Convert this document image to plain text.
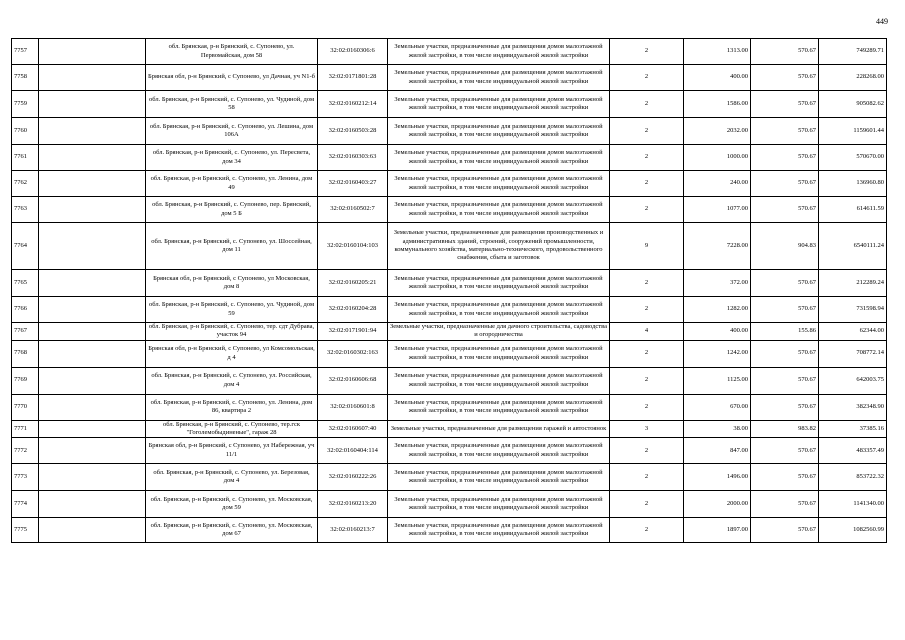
449
7757		обл. Брянская, р-н Брянский, с. Супонево, ул. Первомайская, дом 58	32:02:0160306:6	Земельные участки, предназначенные для размещения домов малоэтажной жилой застройки, в том числе индивидуальной жилой застройки	2	1313.00	570.67	749289.71
7758		Брянская обл, р-н Брянский, с Супонево, ул Дачная, уч N1-б	32:02:0171801:28	Земельные участки, предназначенные для размещения домов малоэтажной жилой застройки, в том числе индивидуальной жилой застройки	2	400.00	570.67	228268.00
7759		обл. Брянская, р-н Брянский, с. Супонево, ул. Чудиной, дом 58	32:02:0160212:14	Земельные участки, предназначенные для размещения домов малоэтажной жилой застройки, в том числе индивидуальной жилой застройки	2	1586.00	570.67	905082.62
7760		обл. Брянская, р-н Брянский, с. Супонево, ул. Лешина, дом 106А	32:02:0160503:28	Земельные участки, предназначенные для размещения домов малоэтажной жилой застройки, в том числе индивидуальной жилой застройки	2	2032.00	570.67	1159601.44
7761		обл. Брянская, р-н Брянский, с. Супонево, ул. Пересвета, дом 34	32:02:0160303:63	Земельные участки, предназначенные для размещения домов малоэтажной жилой застройки, в том числе индивидуальной жилой застройки	2	1000.00	570.67	570670.00
7762		обл. Брянская, р-н Брянский, с. Супонево, ул. Ленина, дом 49	32:02:0160403:27	Земельные участки, предназначенные для размещения домов малоэтажной жилой застройки, в том числе индивидуальной жилой застройки	2	240.00	570.67	136960.80
7763		обл. Брянская, р-н Брянский, с. Супонево, пер. Брянский, дом 5 Б	32:02:0160502:7	Земельные участки, предназначенные для размещения домов малоэтажной жилой застройки, в том числе индивидуальной жилой застройки	2	1077.00	570.67	614611.59
7764		обл. Брянская, р-н Брянский, с. Супонево, ул. Шоссейная, дом 11	32:02:0160104:103	Земельные участки, предназначенные для размещения производственных и административных зданий, строений, сооружений промышленности, коммунального хозяйства, материально-технического, продовольственного снабжения, сбыта и заготовок	9	7228.00	904.83	6540111.24
7765		Брянская обл, р-н Брянский, с Супонево, ул Московская, дом 8	32:02:0160205:21	Земельные участки, предназначенные для размещения домов малоэтажной жилой застройки, в том числе индивидуальной жилой застройки	2	372.00	570.67	212289.24
7766		обл. Брянская, р-н Брянский, с. Супонево, ул. Чудиной, дом 59	32:02:0160204:28	Земельные участки, предназначенные для размещения домов малоэтажной жилой застройки, в том числе индивидуальной жилой застройки	2	1282.00	570.67	731598.94
7767		обл. Брянская, р-н Брянский, с. Супонево, тер. сдт Дубрава, участок 94	32:02:0171901:94	Земельные участки, предназначенные для дачного строительства, садоводства и огородничества	4	400.00	155.86	62344.00
7768		Брянская обл, р-н Брянский, с Супонево, ул Комсомольская, д 4	32:02:0160302:163	Земельные участки, предназначенные для размещения домов малоэтажной жилой застройки, в том числе индивидуальной жилой застройки	2	1242.00	570.67	708772.14
7769		обл. Брянская, р-н Брянский, с. Супонево, ул. Российская, дом 4	32:02:0160606:68	Земельные участки, предназначенные для размещения домов малоэтажной жилой застройки, в том числе индивидуальной жилой застройки	2	1125.00	570.67	642003.75
7770		обл. Брянская, р-н Брянский, с. Супонево, ул. Ленина, дом 86, квартира 2	32:02:0160601:8	Земельные участки, предназначенные для размещения домов малоэтажной жилой застройки, в том числе индивидуальной жилой застройки	2	670.00	570.67	382348.90
7771		обл. Брянская, р-н Брянский, с. Супонево, тер.гск "Гоголемобыдиненые", гараж 28	32:02:0160607:40	Земельные участки, предназначенные для размещения гаражей и автостоянок	3	38.00	983.82	37385.16
7772		Брянская обл, р-н Брянский, с Супонево, ул Набережная, уч 11/1	32:02:0160404:114	Земельные участки, предназначенные для размещения домов малоэтажной жилой застройки, в том числе индивидуальной жилой застройки	2	847.00	570.67	483357.49
7773		обл. Брянская, р-н Брянский, с. Супонево, ул. Березовая, дом 4	32:02:0160222:26	Земельные участки, предназначенные для размещения домов малоэтажной жилой застройки, в том числе индивидуальной жилой застройки	2	1496.00	570.67	853722.32
7774		обл. Брянская, р-н Брянский, с. Супонево, ул. Московская, дом 59	32:02:0160213:20	Земельные участки, предназначенные для размещения домов малоэтажной жилой застройки, в том числе индивидуальной жилой застройки	2	2000.00	570.67	1141340.00
7775		обл. Брянская, р-н Брянский, с. Супонево, ул. Московская, дом 67	32:02:0160213:7	Земельные участки, предназначенные для размещения домов малоэтажной жилой застройки, в том числе индивидуальной жилой застройки	2	1897.00	570.67	1082560.99
